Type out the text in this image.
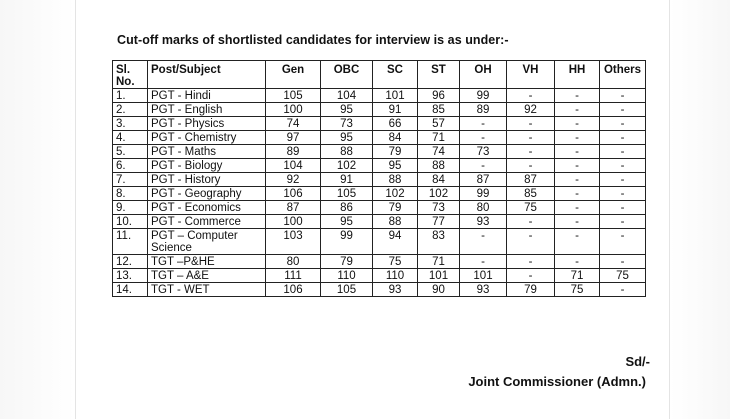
Cut-off marks of shortlisted candidates for interview is as under:-
Sl. No.	Post/Subject	Gen	OBC	SC	ST	OH	VH	HH	Others
1.	PGT - Hindi	105	104	101	96	99	-	-	-
2.	PGT - English	100	95	91	85	89	92	-	-
3.	PGT - Physics	74	73	66	57	-	-	-	-
4.	PGT - Chemistry	97	95	84	71	-	-	-	-
5.	PGT - Maths	89	88	79	74	73	-	-	-
6.	PGT - Biology	104	102	95	88	-	-	-	-
7.	PGT - History	92	91	88	84	87	87	-	-
8.	PGT - Geography	106	105	102	102	99	85	-	-
9.	PGT - Economics	87	86	79	73	80	75	-	-
10.	PGT - Commerce	100	95	88	77	93	-	-	-
11.	PGT – Computer Science	103	99	94	83	-	-	-	-
12.	TGT –P&HE	80	79	75	71	-	-	-	-
13.	TGT – A&E	111	110	110	101	101	-	71	75
14.	TGT - WET	106	105	93	90	93	79	75	-
Sd/-
Joint Commissioner (Admn.)
